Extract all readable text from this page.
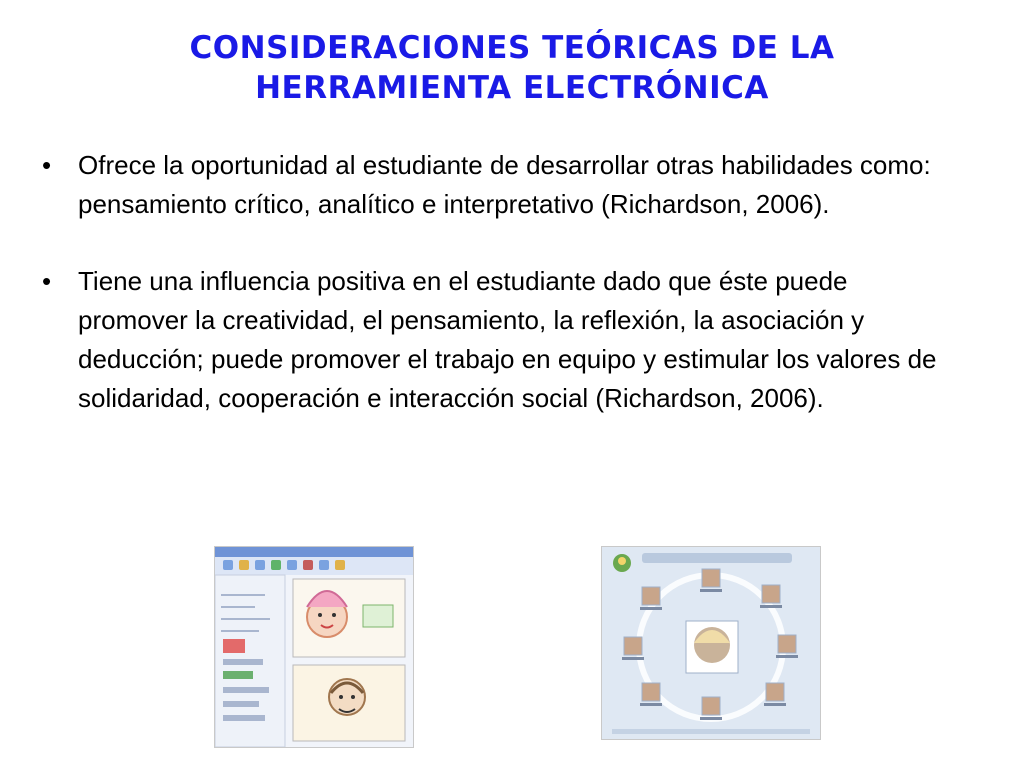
CONSIDERACIONES TEÓRICAS DE LA
HERRAMIENTA ELECTRÓNICA
• Ofrece la oportunidad al estudiante de desarrollar otras habilidades como: pensamiento crítico, analítico e interpretativo (Richardson, 2006).
• Tiene una influencia positiva en el estudiante dado que éste puede promover la creatividad, el pensamiento, la reflexión, la asociación y deducción; puede promover el trabajo en equipo y estimular los valores de solidaridad, cooperación e interacción social (Richardson, 2006).
